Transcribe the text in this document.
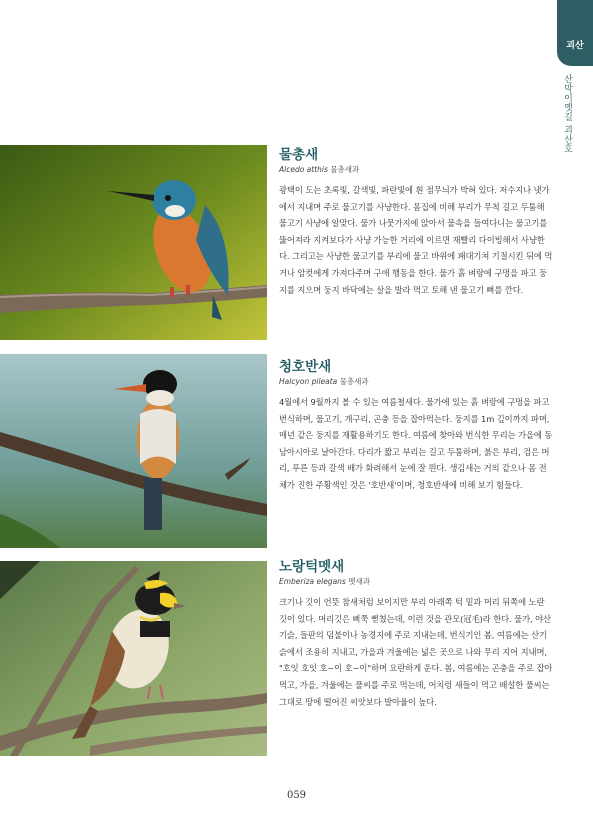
괴산
산막이옛길 괴산호
물총새

Alcedo atthis 물총새과

광택이 도는 초록빛, 갈색빛, 파란빛에 흰 점무늬가 박혀 있다. 저수지나 냇가에서 지내며 주로 물고기를 사냥한다. 몸집에 비해 부리가 무척 길고 두툼해 물고기 사냥에 알맞다. 물가 나뭇가지에 앉아서 물속을 들여다니는 물고기를 뚫어져라 지켜보다가 사냥 가능한 거리에 이르면 재빨리 다이빙해서 사냥한다. 그리고는 사냥한 물고기를 부리에 물고 바위에 패대기쳐 기절시킨 뒤에 먹거나 암컷에게 가져다주며 구애 행동을 한다. 물가 흙 벼랑에 구멍을 파고 둥지를 지으며 둥지 바닥에는 살을 발라 먹고 토해 낸 물고기 뼈를 깐다.

청호반새

Halcyon pileata 물총새과

4월에서 9월까지 볼 수 있는 여름철새다. 물가에 있는 흙 벼랑에 구멍을 파고 번식하며, 물고기, 개구리, 곤충 등을 잡아먹는다. 둥지를 1m 깊이까지 파며, 매년 같은 둥지를 재활용하기도 한다. 여름에 찾아와 번식한 무리는 가을에 동남아시아로 날아간다. 다리가 짧고 부리는 길고 두툼하며, 붉은 부리, 검은 머리, 푸른 등과 갈색 배가 화려해서 눈에 잘 띈다. 생김새는 거의 같으나 몸 전체가 진한 주황색인 것은 '호반새'이며, 청호반새에 비해 보기 힘들다.

노랑턱멧새

Emberiza elegans 멧새과

크기나 깃이 언뜻 참새처럼 보이지만 부리 아래쪽 턱 밑과 머리 뒤쪽에 노란 깃이 있다. 머리깃은 삐쭉 뻗쳤는데, 이런 것을 관모(冠毛)라 한다. 물가, 야산 기슭, 들판의 덤불이나 농경지에 주로 지내는데, 번식기인 봄, 여름에는 산기슭에서 조용히 지내고, 가을과 겨울에는 넓은 곳으로 나와 무리 지어 지내며, "호잇 호잇 호~이 호~이"하며 요란하게 운다. 봄, 여름에는 곤충을 주로 잡아먹고, 가을, 겨울에는 풀씨를 주로 먹는데, 어치렁 새들이 먹고 배설한 풀씨는 그대로 땅에 떨어진 씨앗보다 발아율이 높다.

059
